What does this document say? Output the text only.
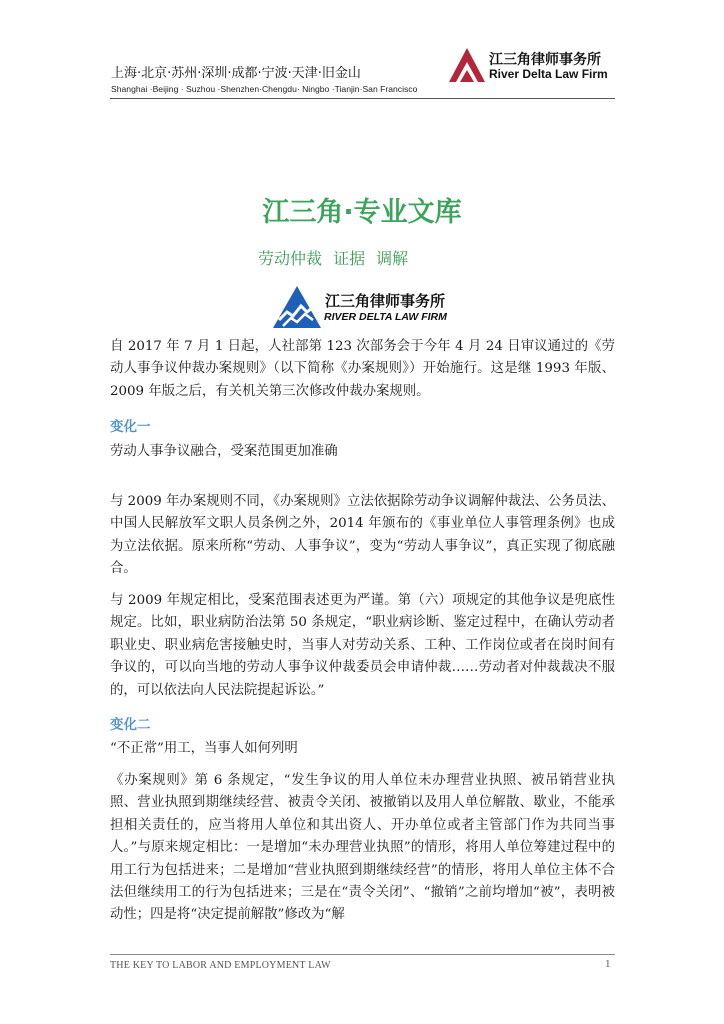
上海·北京·苏州·深圳·成都·宁波·天津·旧金山
Shanghai ·Beijing · Suzhou ·Shenzhen·Chengdu· Ningbo ·Tianjin·San Francisco
江三角律师事务所
River Delta Law Firm
江三角·专业文库
劳动仲裁 证据 调解
江三角律师事务所
RIVER DELTA LAW FIRM
自 2017 年 7 月 1 日起，人社部第 123 次部务会于今年 4 月 24 日审议通过的《劳动人事争议仲裁办案规则》（以下简称《办案规则》）开始施行。这是继 1993 年版、2009 年版之后，有关机关第三次修改仲裁办案规则。
变化一
劳动人事争议融合，受案范围更加准确
与 2009 年办案规则不同，《办案规则》立法依据除劳动争议调解仲裁法、公务员法、中国人民解放军文职人员条例之外，2014 年颁布的《事业单位人事管理条例》也成为立法依据。原来所称“劳动、人事争议”，变为“劳动人事争议”，真正实现了彻底融合。
与 2009 年规定相比，受案范围表述更为严谨。第（六）项规定的其他争议是兜底性规定。比如，职业病防治法第 50 条规定，“职业病诊断、鉴定过程中，在确认劳动者职业史、职业病危害接触史时，当事人对劳动关系、工种、工作岗位或者在岗时间有争议的，可以向当地的劳动人事争议仲裁委员会申请仲裁……劳动者对仲裁裁决不服的，可以依法向人民法院提起诉讼。”
变化二
“不正常”用工，当事人如何列明
《办案规则》第 6 条规定，“发生争议的用人单位未办理营业执照、被吊销营业执照、营业执照到期继续经营、被责令关闭、被撤销以及用人单位解散、歇业，不能承担相关责任的，应当将用人单位和其出资人、开办单位或者主管部门作为共同当事人。”与原来规定相比：一是增加“未办理营业执照”的情形，将用人单位筹建过程中的用工行为包括进来；二是增加“营业执照到期继续经营”的情形，将用人单位主体不合法但继续用工的行为包括进来；三是在“责令关闭”、“撤销”之前均增加“被”，表明被动性；四是将“决定提前解散”修改为“解
THE KEY TO LABOR AND EMPLOYMENT LAW	1
